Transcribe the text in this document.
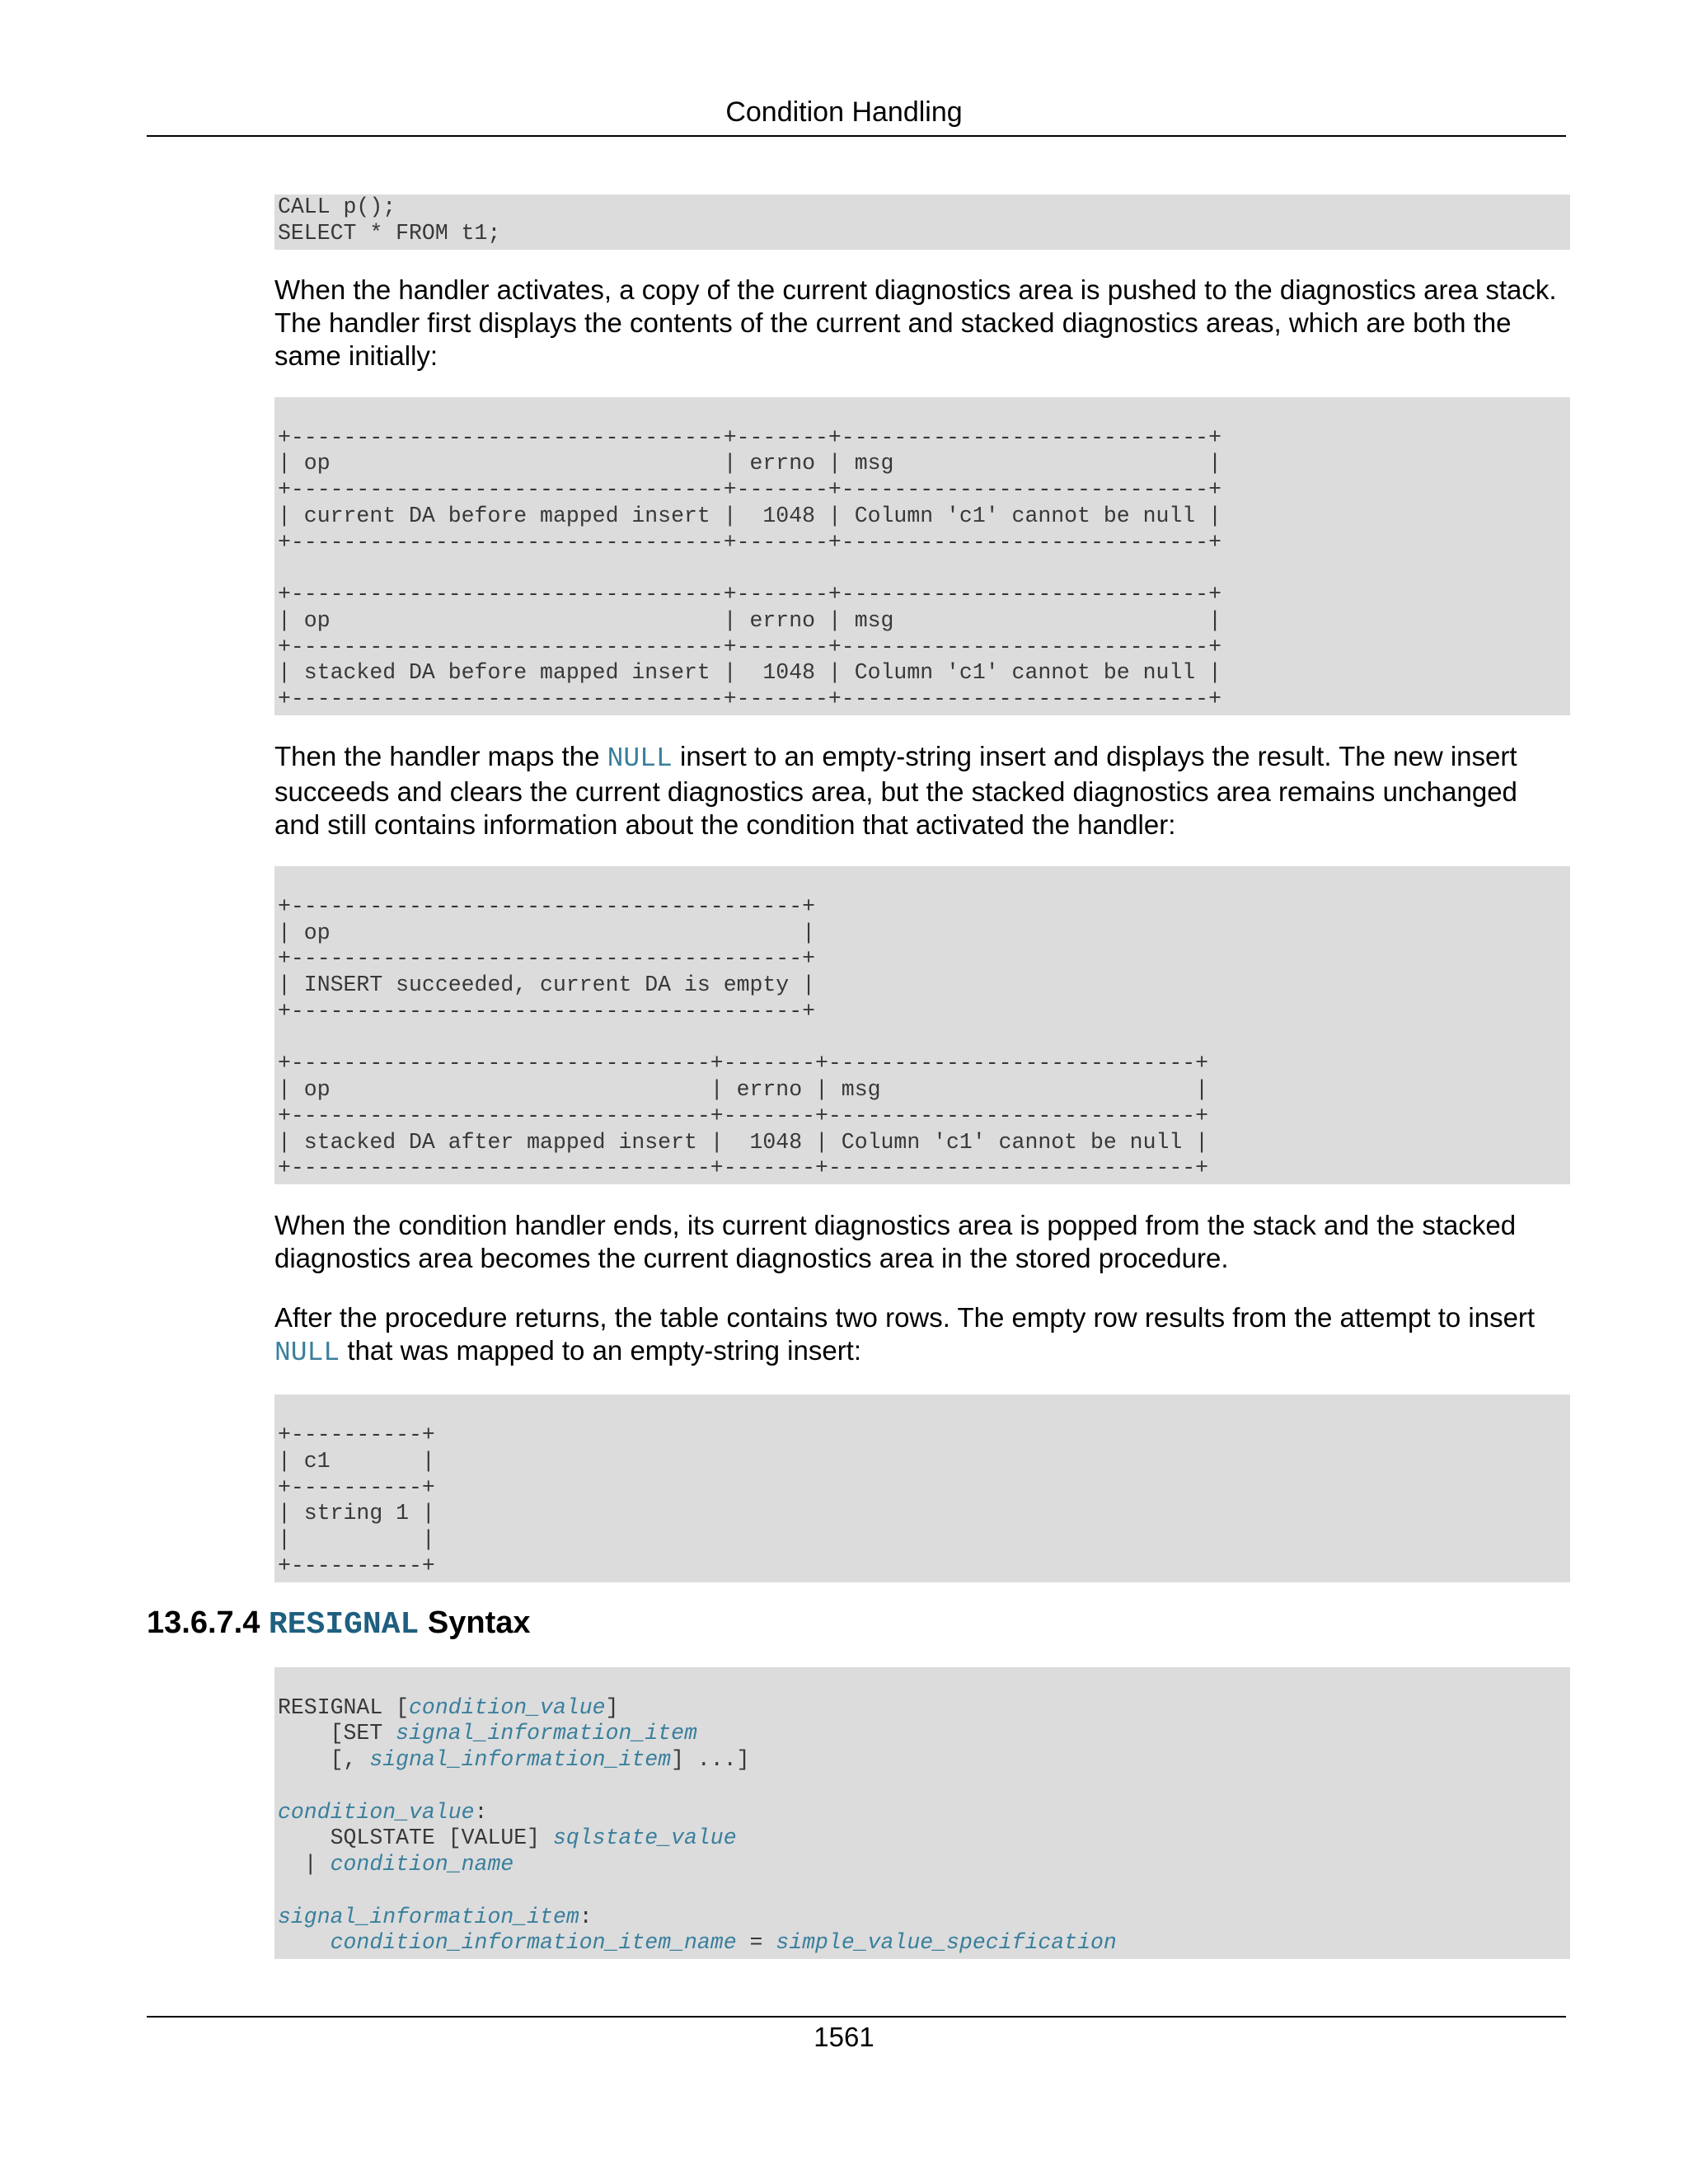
Condition Handling
CALL p();
SELECT * FROM t1;

When the handler activates, a copy of the current diagnostics area is pushed to the diagnostics area stack. The handler first displays the contents of the current and stacked diagnostics areas, which are both the same initially:

+---------------------------------+-------+----------------------------+
| op                              | errno | msg                        |
+---------------------------------+-------+----------------------------+
| current DA before mapped insert |  1048 | Column 'c1' cannot be null |
+---------------------------------+-------+----------------------------+

+---------------------------------+-------+----------------------------+
| op                              | errno | msg                        |
+---------------------------------+-------+----------------------------+
| stacked DA before mapped insert |  1048 | Column 'c1' cannot be null |
+---------------------------------+-------+----------------------------+

Then the handler maps the NULL insert to an empty-string insert and displays the result. The new insert succeeds and clears the current diagnostics area, but the stacked diagnostics area remains unchanged and still contains information about the condition that activated the handler:

+---------------------------------------+
| op                                    |
+---------------------------------------+
| INSERT succeeded, current DA is empty |
+---------------------------------------+

+--------------------------------+-------+----------------------------+
| op                             | errno | msg                        |
+--------------------------------+-------+----------------------------+
| stacked DA after mapped insert |  1048 | Column 'c1' cannot be null |
+--------------------------------+-------+----------------------------+

When the condition handler ends, its current diagnostics area is popped from the stack and the stacked diagnostics area becomes the current diagnostics area in the stored procedure.

After the procedure returns, the table contains two rows. The empty row results from the attempt to insert NULL that was mapped to an empty-string insert:

+----------+
| c1       |
+----------+
| string 1 |
|          |
+----------+
13.6.7.4 RESIGNAL Syntax
RESIGNAL [condition_value]
[SET signal_information_item
[, signal_information_item] ...]

condition_value:
SQLSTATE [VALUE] sqlstate_value
| condition_name

signal_information_item:
condition_information_item_name = simple_value_specification
1561
